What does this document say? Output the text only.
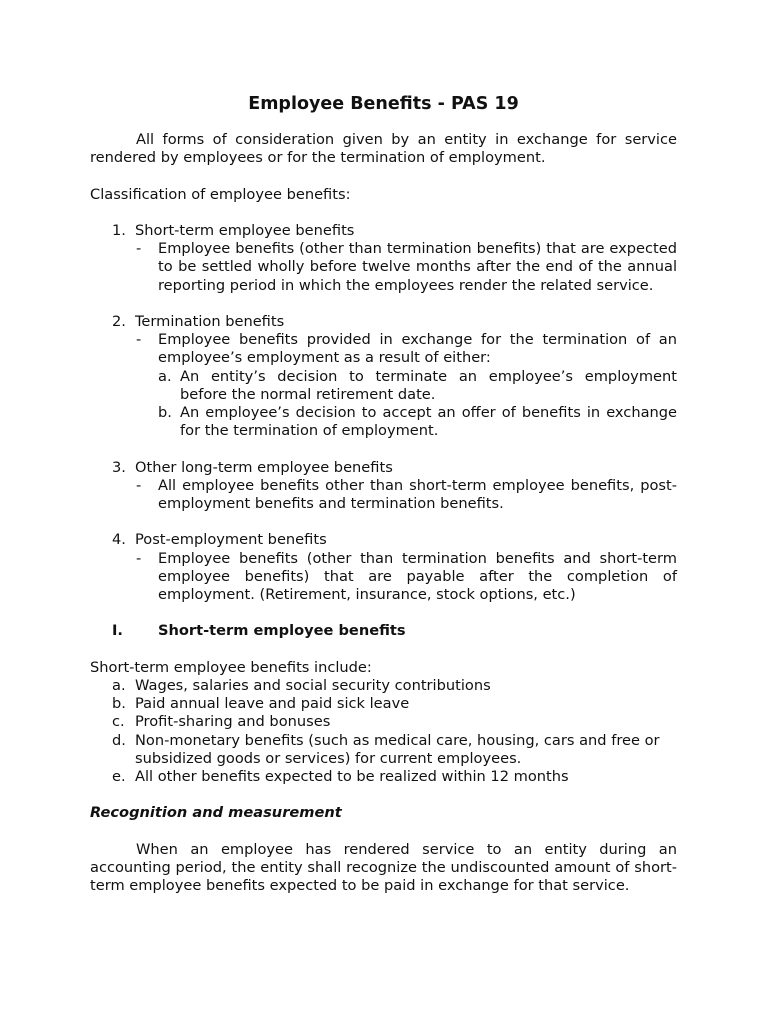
Employee Benefits - PAS 19

All forms of consideration given by an entity in exchange for service rendered by employees or for the termination of employment.

Classification of employee benefits:

1. Short-term employee benefits
- Employee benefits (other than termination benefits) that are expected to be settled wholly before twelve months after the end of the annual reporting period in which the employees render the related service.
2. Termination benefits
- Employee benefits provided in exchange for the termination of an employee’s employment as a result of either:
a. An entity’s decision to terminate an employee’s employment before the normal retirement date.
b. An employee’s decision to accept an offer of benefits in exchange for the termination of employment.
3. Other long-term employee benefits
- All employee benefits other than short-term employee benefits, post-employment benefits and termination benefits.
4. Post-employment benefits
- Employee benefits (other than termination benefits and short-term employee benefits) that are payable after the completion of employment. (Retirement, insurance, stock options, etc.)
I. Short-term employee benefits

Short-term employee benefits include:

a. Wages, salaries and social security contributions
b. Paid annual leave and paid sick leave
c. Profit-sharing and bonuses
d. Non-monetary benefits (such as medical care, housing, cars and free or subsidized goods or services) for current employees.
e. All other benefits expected to be realized within 12 months

Recognition and measurement

When an employee has rendered service to an entity during an accounting period, the entity shall recognize the undiscounted amount of short-term employee benefits expected to be paid in exchange for that service.
